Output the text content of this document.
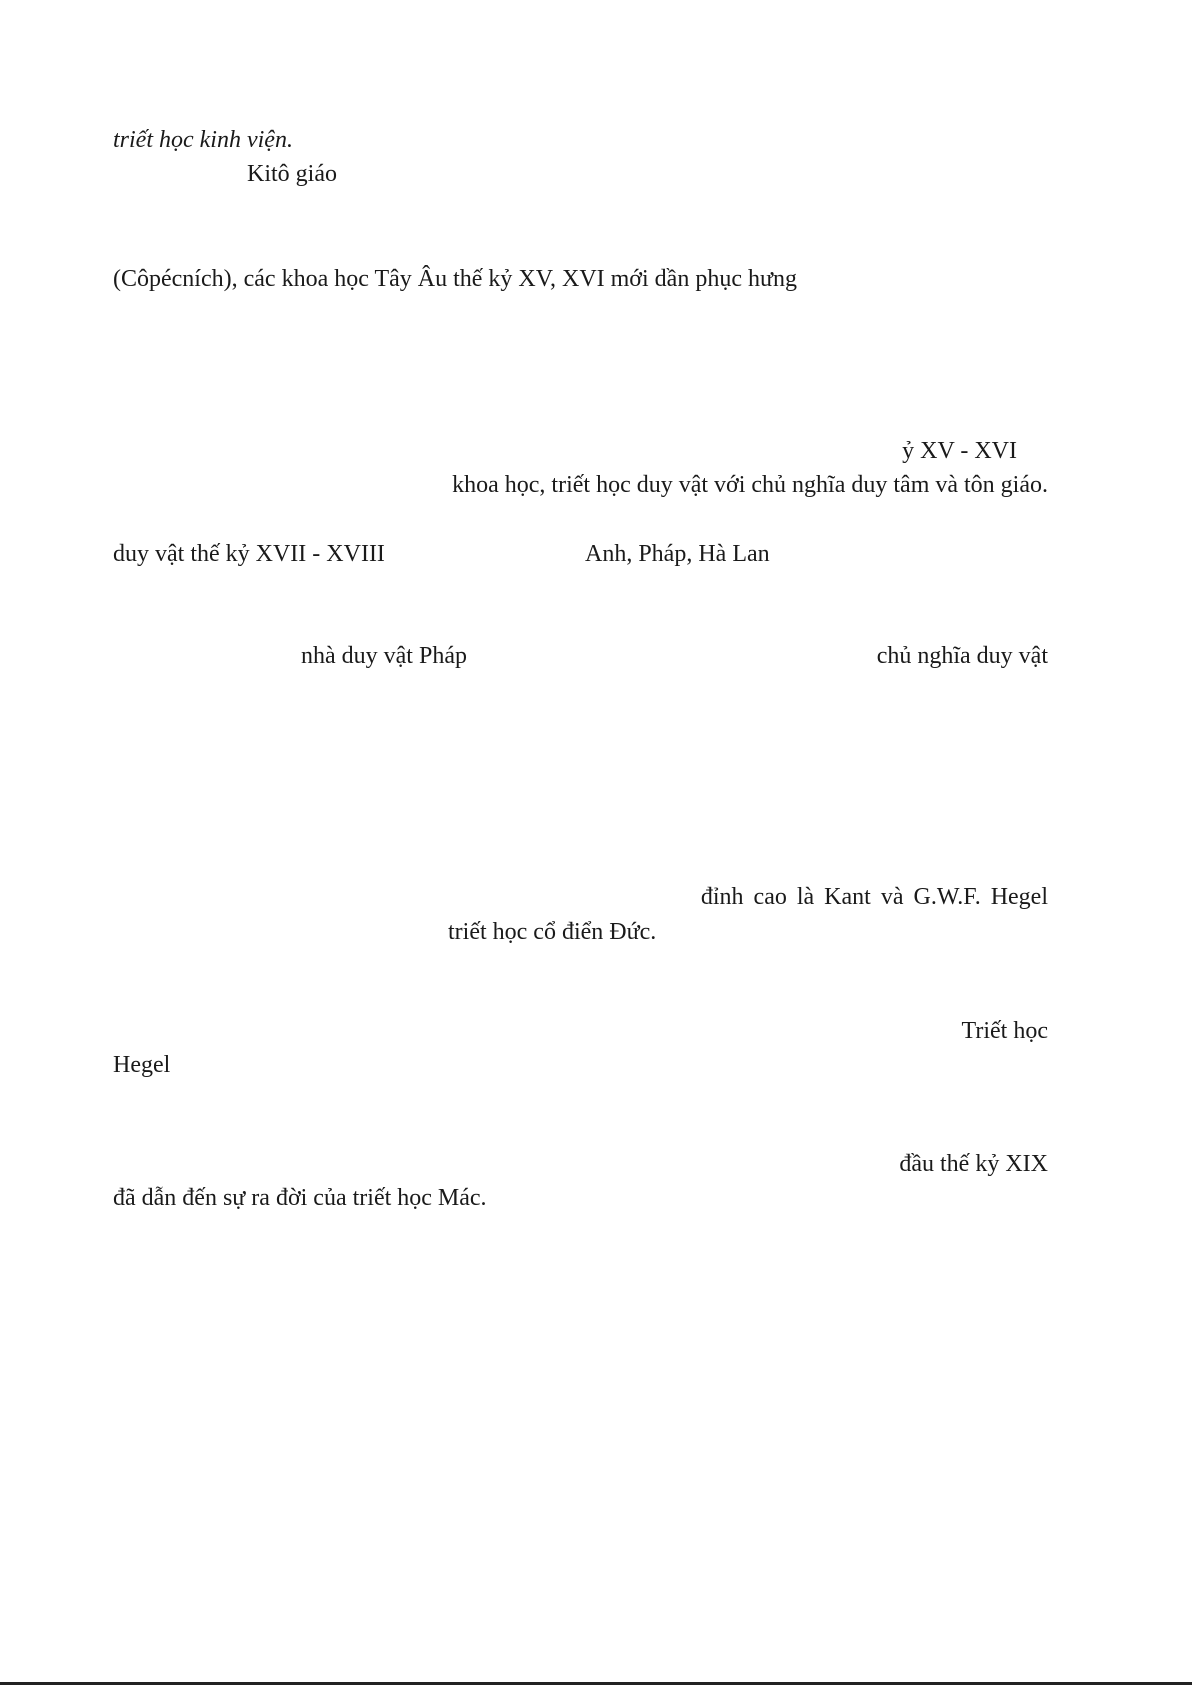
triết học kinh viện.
Kitô giáo
(Côpécních), các khoa học Tây Âu thế kỷ XV, XVI mới dần phục hưng
ỷ XV - XVI
khoa học, triết học duy vật với chủ nghĩa duy tâm và tôn giáo.
duy vật thế kỷ XVII - XVIII	Anh, Pháp, Hà Lan
nhà duy vật Pháp	chủ nghĩa duy vật
đỉnh cao là Kant và G.W.F. Hegel
triết học cổ điển Đức.
Triết học
Hegel
đầu thế kỷ XIX
đã dẫn đến sự ra đời của triết học Mác.
